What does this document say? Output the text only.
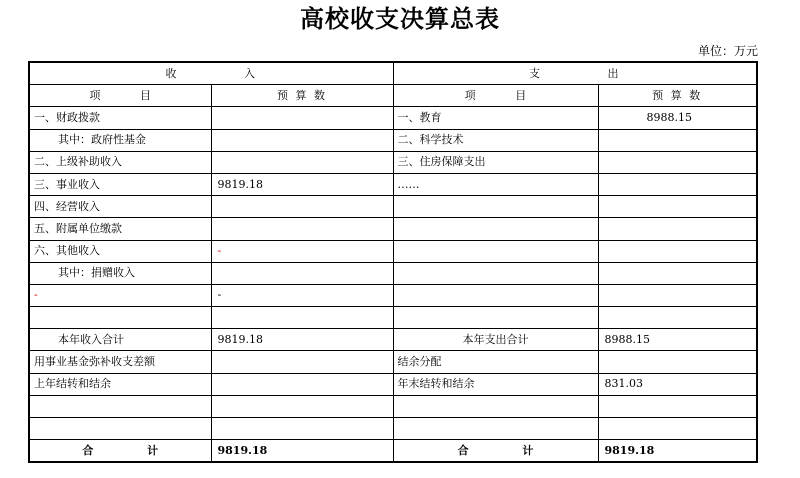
高校收支决算总表
单位：万元
收 入		支 出	
项 目	预 算 数	项 目	预 算 数
一、财政拨款		一、教育	8988.15
其中：政府性基金		二、科学技术	
二、上级补助收入		三、住房保障支出	
三、事业收入	9819.18	……	
四、经营收入			
五、附属单位缴款			
六、其他收入	-		
其中：捐赠收入			
-	-		

本年收入合计	9819.18	本年支出合计	8988.15
用事业基金弥补收支差额		结余分配	
上年结转和结余		年末结转和结余	831.03

合 计	9819.18	合 计	9819.18
